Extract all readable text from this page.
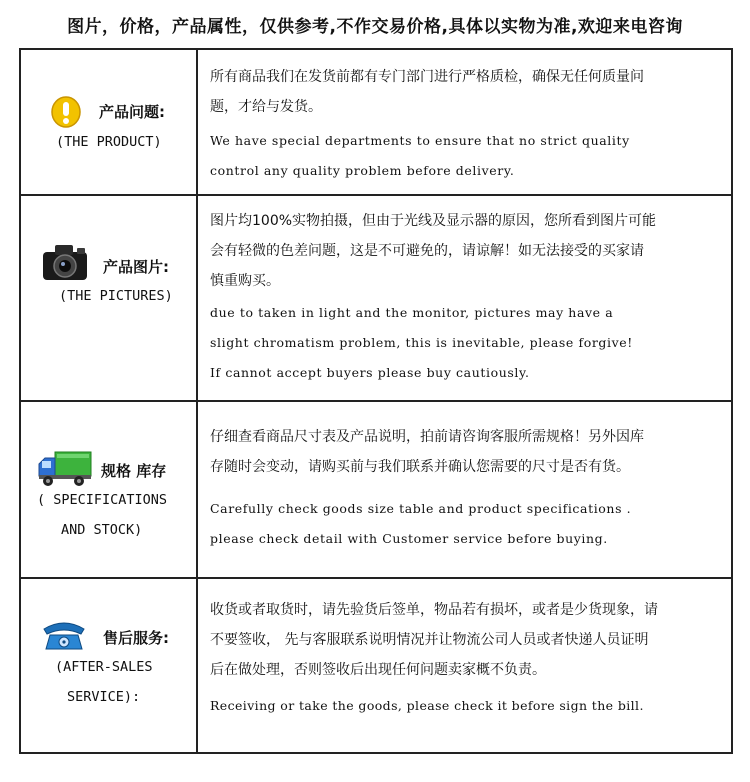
图片，价格，产品属性，仅供参考,不作交易价格,具体以实物为准,欢迎来电咨询
产品问题:
(THE PRODUCT)
所有商品我们在发货前都有专门部门进行严格质检，确保无任何质量问
题，才给与发货。
We have special departments to ensure that no strict quality
control any quality problem before delivery.
产品图片:
(THE PICTURES)
图片均100%实物拍摄，但由于光线及显示器的原因，您所看到图片可能
会有轻微的色差问题，这是不可避免的，请谅解！如无法接受的买家请
慎重购买。
due to taken in light and the monitor, pictures may have a
slight chromatism problem, this is inevitable, please forgive!
If cannot accept buyers please buy cautiously.
规格 库存
( SPECIFICATIONS
AND STOCK)
仔细查看商品尺寸表及产品说明，拍前请咨询客服所需规格！另外因库
存随时会变动，请购买前与我们联系并确认您需要的尺寸是否有货。
Carefully check goods size table and product specifications .
please check detail with Customer service before buying.
售后服务:
(AFTER-SALES
SERVICE):
收货或者取货时，请先验货后签单，物品若有损坏，或者是少货现象，请
不要签收， 先与客服联系说明情况并让物流公司人员或者快递人员证明
后在做处理，否则签收后出现任何问题卖家概不负责。
Receiving or take the goods, please check it before sign the bill.
